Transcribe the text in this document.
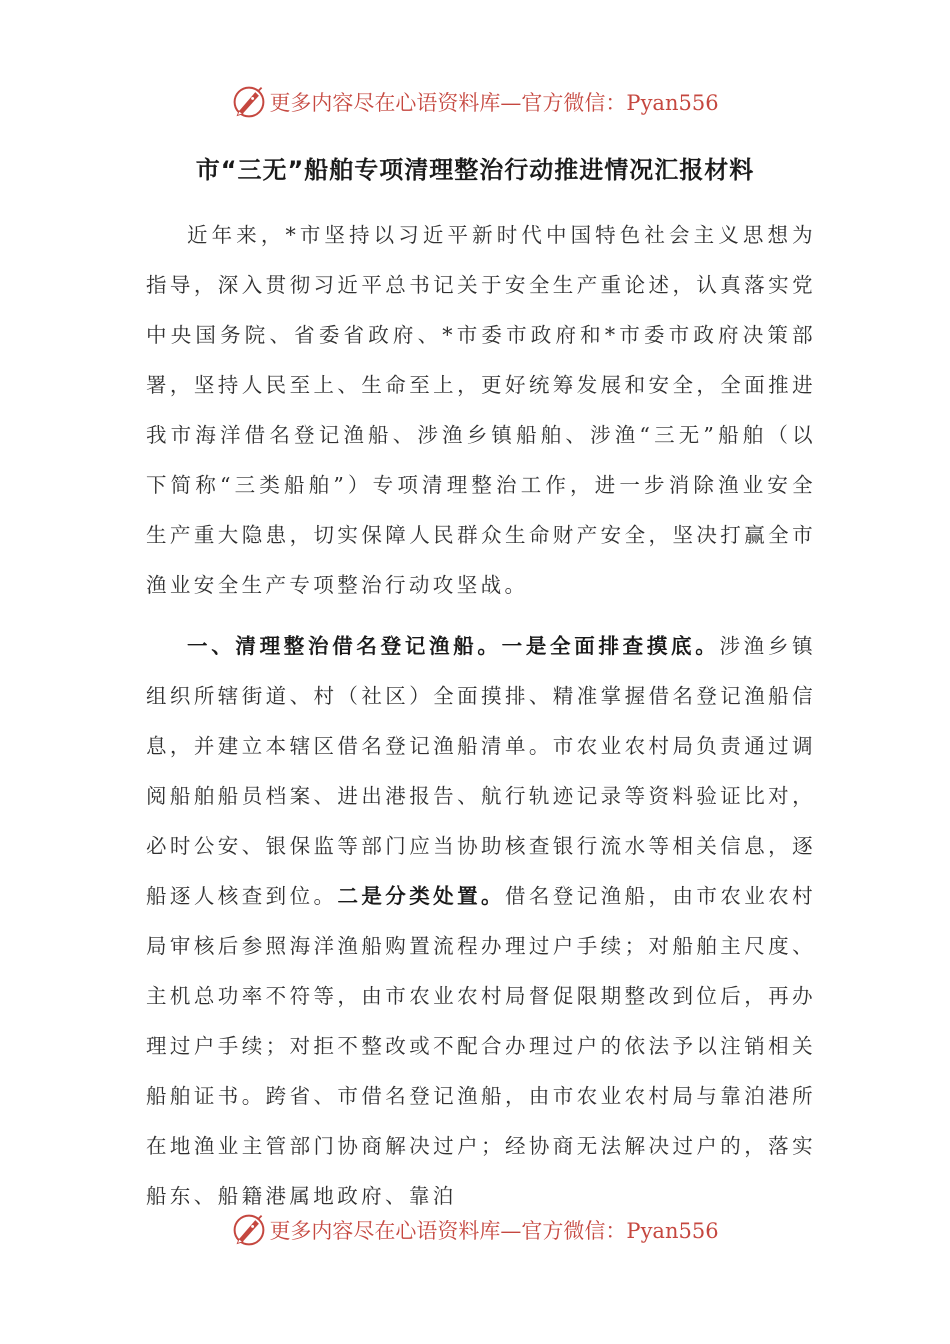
更多内容尽在心语资料库—官方微信：Pyan556
市“三无”船舶专项清理整治行动推进情况汇报材料

近年来，*市坚持以习近平新时代中国特色社会主义思想为指导，深入贯彻习近平总书记关于安全生产重论述，认真落实党中央国务院、省委省政府、*市委市政府和*市委市政府决策部署，坚持人民至上、生命至上，更好统筹发展和安全，全面推进我市海洋借名登记渔船、涉渔乡镇船舶、涉渔“三无”船舶（以下简称“三类船舶”）专项清理整治工作，进一步消除渔业安全生产重大隐患，切实保障人民群众生命财产安全，坚决打赢全市渔业安全生产专项整治行动攻坚战。

一、清理整治借名登记渔船。一是全面排查摸底。涉渔乡镇组织所辖街道、村（社区）全面摸排、精准掌握借名登记渔船信息，并建立本辖区借名登记渔船清单。市农业农村局负责通过调阅船舶船员档案、进出港报告、航行轨迹记录等资料验证比对，必时公安、银保监等部门应当协助核查银行流水等相关信息，逐船逐人核查到位。二是分类处置。借名登记渔船，由市农业农村局审核后参照海洋渔船购置流程办理过户手续；对船舶主尺度、主机总功率不符等，由市农业农村局督促限期整改到位后，再办理过户手续；对拒不整改或不配合办理过户的依法予以注销相关船舶证书。跨省、市借名登记渔船，由市农业农村局与靠泊港所在地渔业主管部门协商解决过户；经协商无法解决过户的，落实船东、船籍港属地政府、靠泊

更多内容尽在心语资料库—官方微信：Pyan556
